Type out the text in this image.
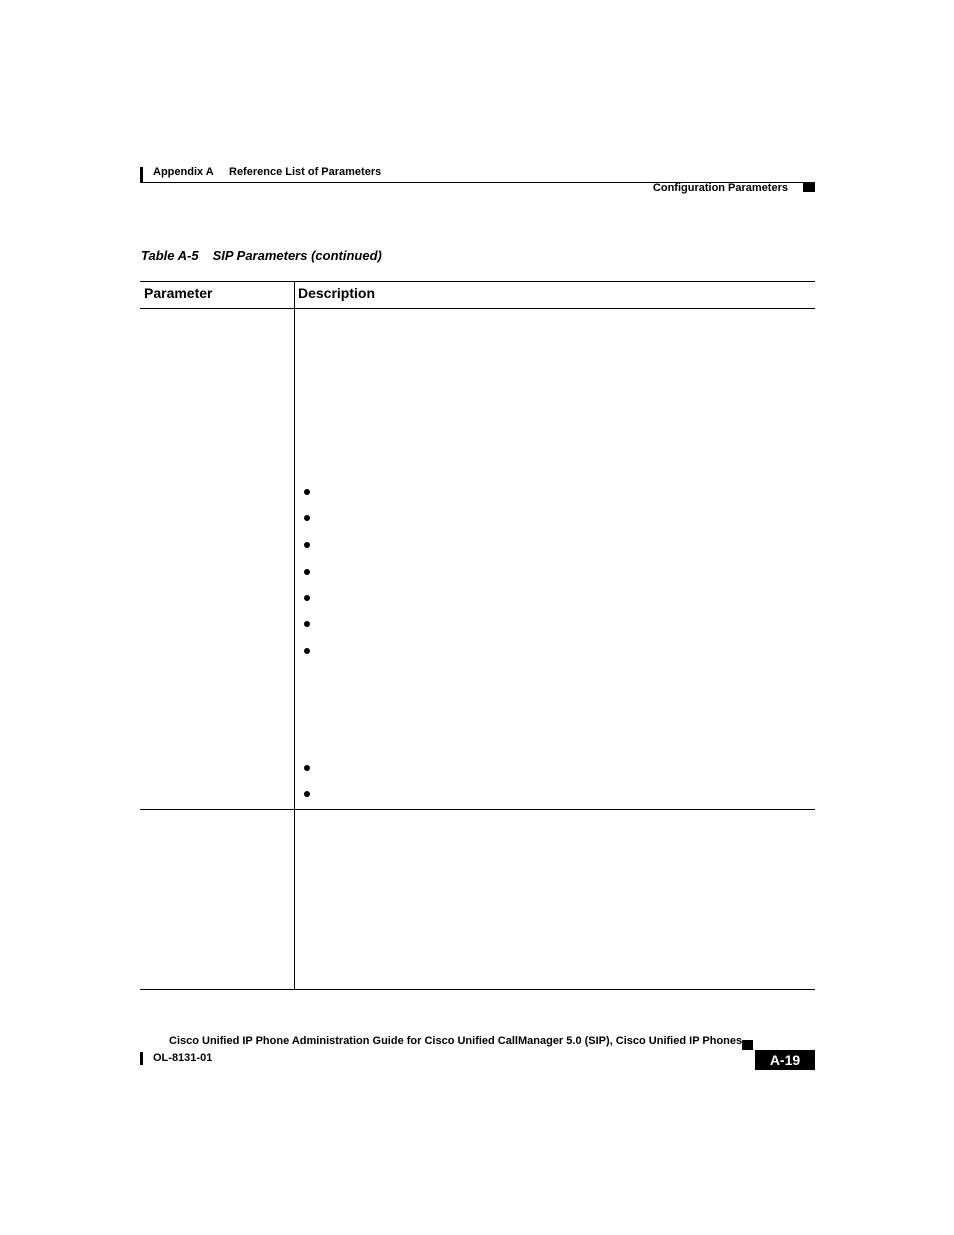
Appendix A Reference List of Parameters
Configuration Parameters
Table A-5 SIP Parameters (continued)
Parameter	Description
Cisco Unified IP Phone Administration Guide for Cisco Unified CallManager 5.0 (SIP), Cisco Unified IP Phones
OL-8131-01	A-19
